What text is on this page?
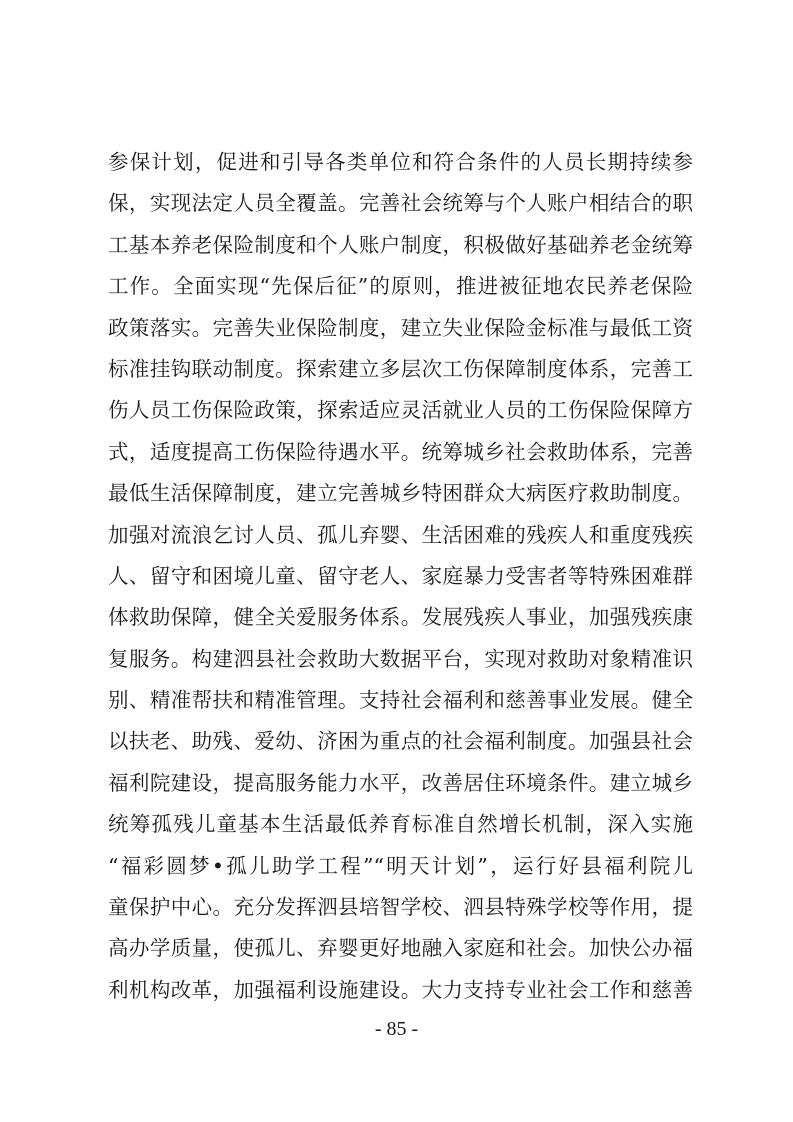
参保计划，促进和引导各类单位和符合条件的人员长期持续参
保，实现法定人员全覆盖。完善社会统筹与个人账户相结合的职
工基本养老保险制度和个人账户制度，积极做好基础养老金统筹
工作。全面实现“先保后征”的原则，推进被征地农民养老保险
政策落实。完善失业保险制度，建立失业保险金标准与最低工资
标准挂钩联动制度。探索建立多层次工伤保障制度体系，完善工
伤人员工伤保险政策，探索适应灵活就业人员的工伤保险保障方
式，适度提高工伤保险待遇水平。统筹城乡社会救助体系，完善
最低生活保障制度，建立完善城乡特困群众大病医疗救助制度。
加强对流浪乞讨人员、孤儿弃婴、生活困难的残疾人和重度残疾
人、留守和困境儿童、留守老人、家庭暴力受害者等特殊困难群
体救助保障，健全关爱服务体系。发展残疾人事业，加强残疾康
复服务。构建泗县社会救助大数据平台，实现对救助对象精准识
别、精准帮扶和精准管理。支持社会福利和慈善事业发展。健全
以扶老、助残、爱幼、济困为重点的社会福利制度。加强县社会
福利院建设，提高服务能力水平，改善居住环境条件。建立城乡
统筹孤残儿童基本生活最低养育标准自然增长机制，深入实施
“福彩圆梦•孤儿助学工程”“明天计划”，运行好县福利院儿
童保护中心。充分发挥泗县培智学校、泗县特殊学校等作用，提
高办学质量，使孤儿、弃婴更好地融入家庭和社会。加快公办福
利机构改革，加强福利设施建设。大力支持专业社会工作和慈善
- 85 -
